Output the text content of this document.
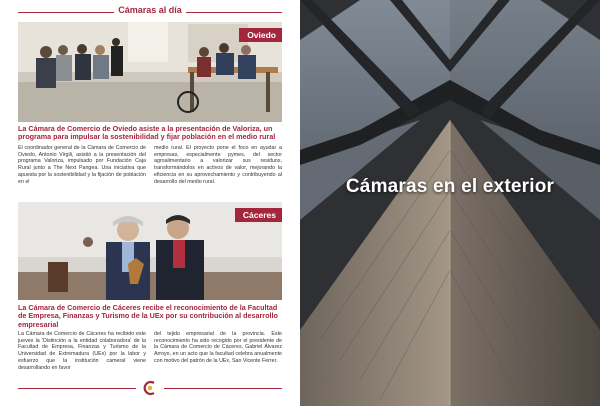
Cámaras al día
Oviedo
La Cámara de Comercio de Oviedo asiste a la presentación de Valoriza, un programa para impulsar la sostenibilidad y fijar población en el medio rural
El coordinador general de la Cámara de Comercio de Oviedo, Antonio Virgili, asistió a la presentación del programa Valoriza, impulsado por Fundación Caja Rural junto a The Next Pangea. Una iniciativa que apuesta por la sostenibilidad y la fijación de población en el
medio rural. El proyecto pone el foco en ayudar a empresas, especialmente pymes, del sector agroalimentario a valorizar sus residuos, transformándolos en activos de valor, mejorando la eficiencia en su aprovechamiento y contribuyendo al desarrollo del medio rural.
Cáceres
La Cámara de Comercio de Cáceres recibe el reconocimiento de la Facultad de Empresa, Finanzas y Turismo de la UEx por su contribución al desarrollo empresarial
La Cámara de Comercio de Cáceres ha recibido este jueves la 'Distinción a la entidad colaboradora' de la Facultad de Empresa, Finanzas y Turismo de la Universidad de Extremadura (UEx) por la labor y esfuerzo que la institución cameral viene desarrollando en favor
del tejido empresarial de la provincia. Este reconocimiento ha sido recogido por el presidente de la Cámara de Comercio de Cáceres, Gabriel Álvarez Arroyo, en un acto que la facultad celebra anualmente con motivo del patrón de la UEx, San Vicente Ferrer.
Cámaras en el exterior
